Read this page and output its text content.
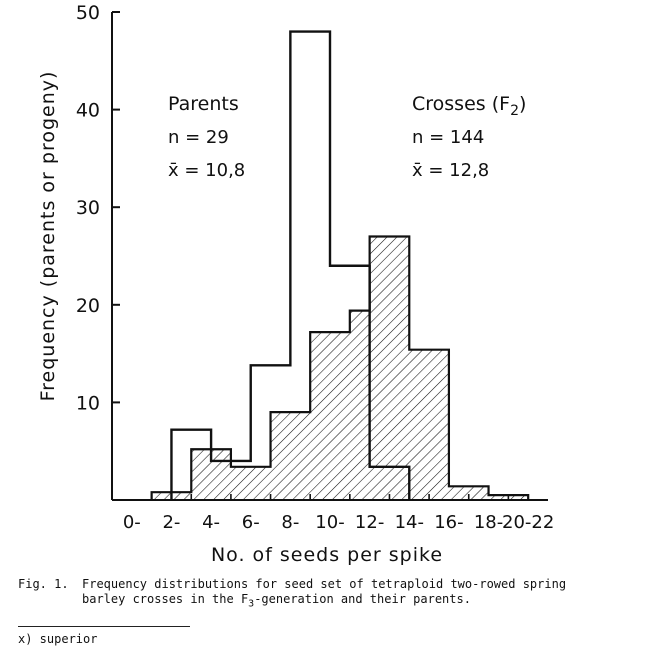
10
20
30
40
50
0- 2- 4- 6- 8- 10- 12- 14- 16- 18-
20-22
No. of seeds per spike
Frequency (parents or progeny)	Parents
n = 29
x̄ = 10,8
Crosses $(F_2)$
n = 144
x̄ = 12,8
Fig. 1.	Frequency distributions for seed set of tetraploid two-rowed spring
barley crosses in the $F_3$-generation and their parents.
x) superior
